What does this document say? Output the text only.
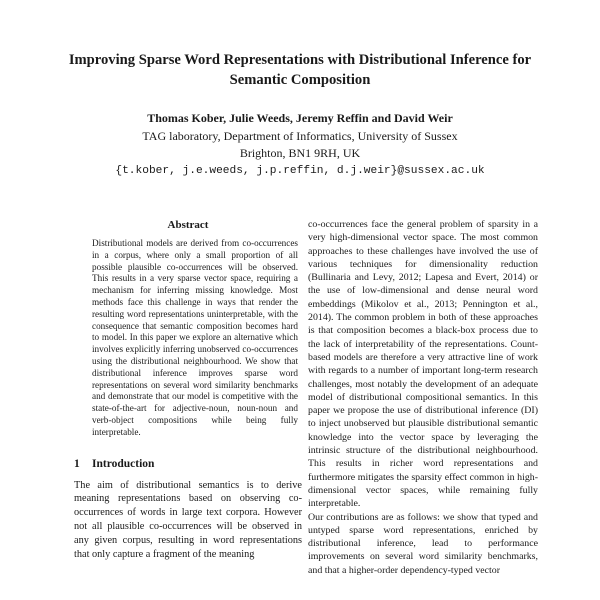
Improving Sparse Word Representations with Distributional Inference for Semantic Composition
Thomas Kober, Julie Weeds, Jeremy Reffin and David Weir
TAG laboratory, Department of Informatics, University of Sussex
Brighton, BN1 9RH, UK
{t.kober, j.e.weeds, j.p.reffin, d.j.weir}@sussex.ac.uk
Abstract

Distributional models are derived from co-occurrences in a corpus, where only a small proportion of all possible plausible co-occurrences will be observed. This results in a very sparse vector space, requiring a mechanism for inferring missing knowledge. Most methods face this challenge in ways that render the resulting word representations uninterpretable, with the consequence that semantic composition becomes hard to model. In this paper we explore an alternative which involves explicitly inferring unobserved co-occurrences using the distributional neighbourhood. We show that distributional inference improves sparse word representations on several word similarity benchmarks and demonstrate that our model is competitive with the state-of-the-art for adjective-noun, noun-noun and verb-object compositions while being fully interpretable.

1 Introduction

The aim of distributional semantics is to derive meaning representations based on observing co-occurrences of words in large text corpora. However not all plausible co-occurrences will be observed in any given corpus, resulting in word representations that only capture a fragment of the meaning

co-occurrences face the general problem of sparsity in a very high-dimensional vector space. The most common approaches to these challenges have involved the use of various techniques for dimensionality reduction (Bullinaria and Levy, 2012; Lapesa and Evert, 2014) or the use of low-dimensional and dense neural word embeddings (Mikolov et al., 2013; Pennington et al., 2014). The common problem in both of these approaches is that composition becomes a black-box process due to the lack of interpretability of the representations. Count-based models are therefore a very attractive line of work with regards to a number of important long-term research challenges, most notably the development of an adequate model of distributional compositional semantics. In this paper we propose the use of distributional inference (DI) to inject unobserved but plausible distributional semantic knowledge into the vector space by leveraging the intrinsic structure of the distributional neighbourhood. This results in richer word representations and furthermore mitigates the sparsity effect common in high-dimensional vector spaces, while remaining fully interpretable.

Our contributions are as follows: we show that typed and untyped sparse word representations, enriched by distributional inference, lead to performance improvements on several word similarity benchmarks, and that a higher-order dependency-typed vector
